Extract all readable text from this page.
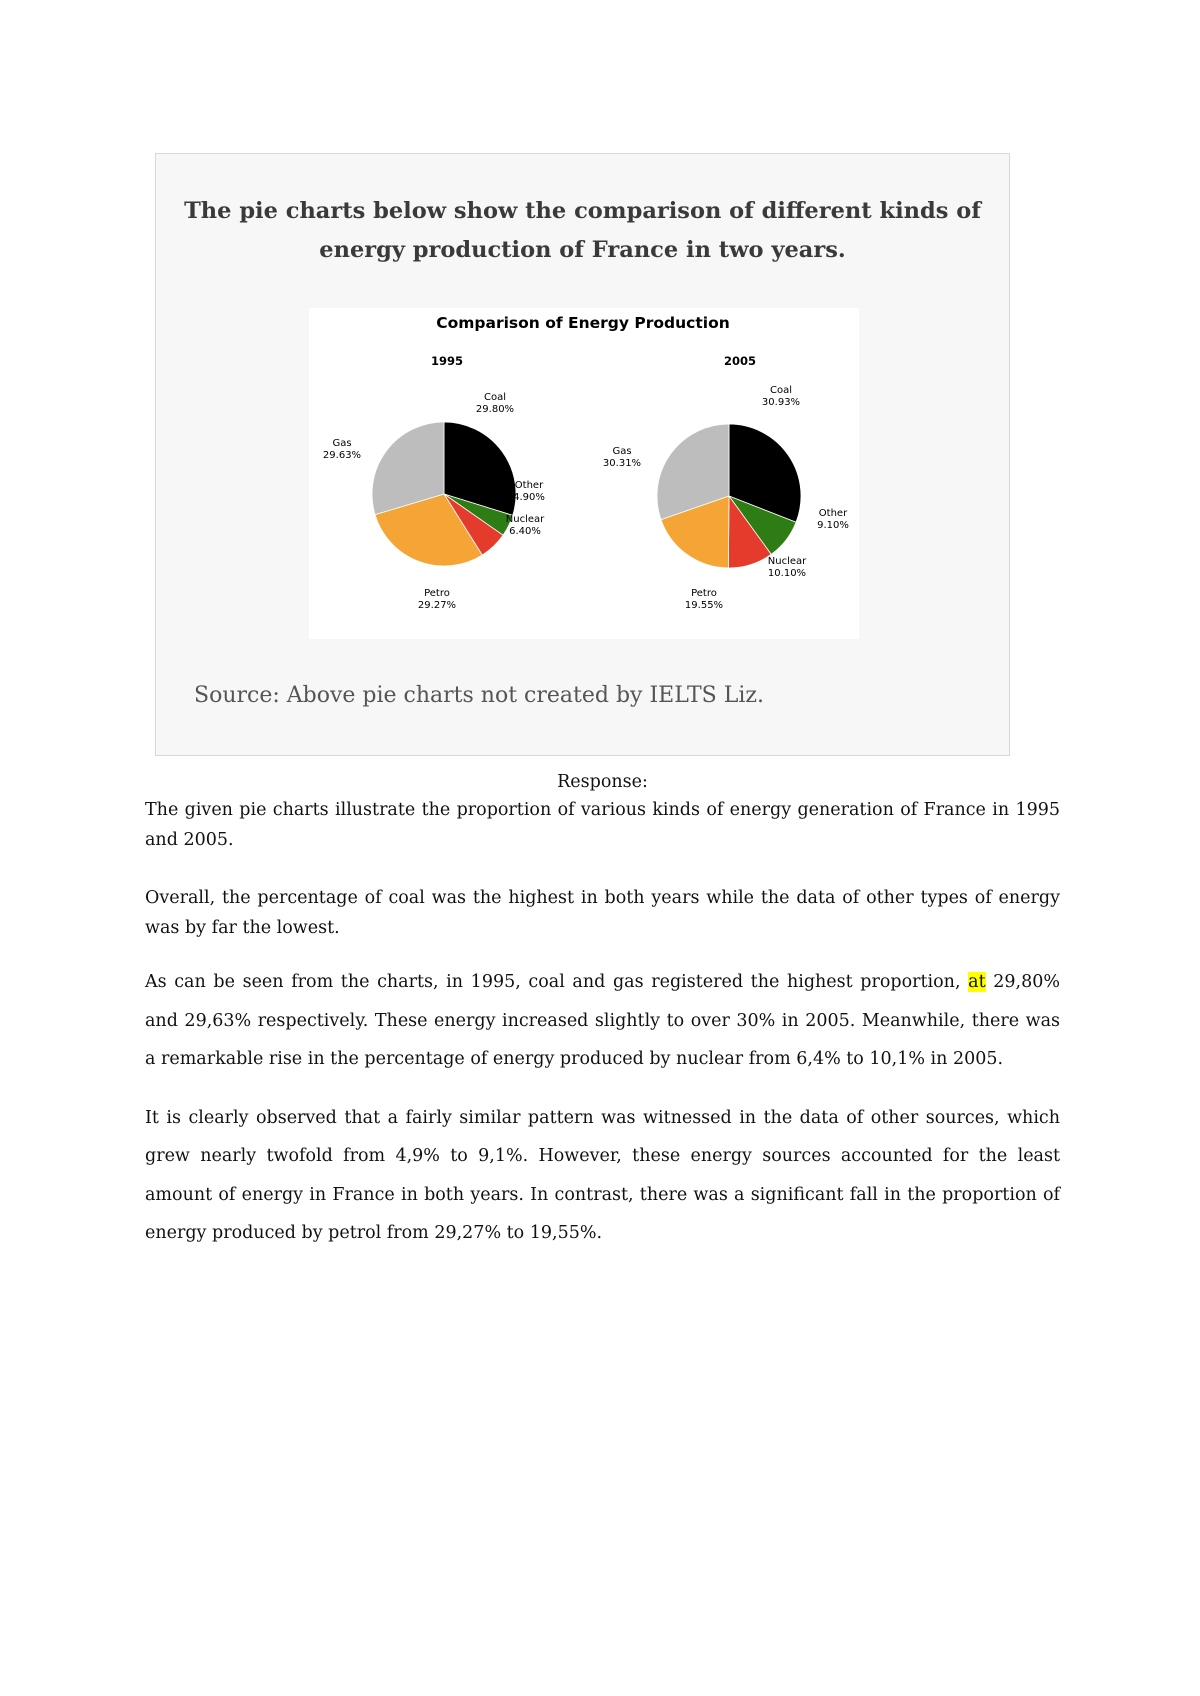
The pie charts below show the comparison of different kinds of
energy production of France in two years.
Comparison of Energy Production
1995	2005
Coal
29.80%
Other
4.90%
Nuclear
6.40%
Petro
29.27%
Gas
29.63%
Coal
30.93%
Other
9.10%
Nuclear
10.10%
Petro
19.55%
Gas
30.31%
Source: Above pie charts not created by IELTS Liz.
Response:

The given pie charts illustrate the proportion of various kinds of energy generation of France in 1995 and 2005.

Overall, the percentage of coal was the highest in both years while the data of other types of energy was by far the lowest.

As can be seen from the charts, in 1995, coal and gas registered the highest proportion, at 29,80% and 29,63% respectively. These energy increased slightly to over 30% in 2005. Meanwhile, there was a remarkable rise in the percentage of energy produced by nuclear from 6,4% to 10,1% in 2005.

It is clearly observed that a fairly similar pattern was witnessed in the data of other sources, which grew nearly twofold from 4,9% to 9,1%. However, these energy sources accounted for the least amount of energy in France in both years. In contrast, there was a significant fall in the proportion of energy produced by petrol from 29,27% to 19,55%.
